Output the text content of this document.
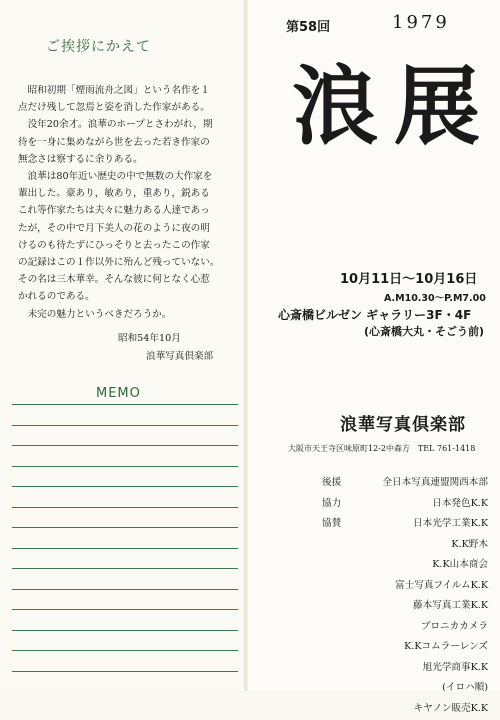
ご挨拶にかえて

昭和初期「煙雨流舟之図」という名作を１

点だけ残して忽焉と姿を消した作家がある。

没年20余才。浪華のホープとさわがれ，期

待を一身に集めながら世を去った若き作家の

無念さは察するに余りある。

浪華は80年近い歴史の中で無数の大作家を

輩出した。豪あり，敏あり，重あり，鋭ある

これ等作家たちは夫々に魅力ある人達であっ

たが，その中で月下美人の花のように夜の明

けるのも待たずにひっそりと去ったこの作家

の記録はこの１作以外に殆んど残っていない。

その名は三木華幸。そんな彼に何となく心惹

かれるのである。

未完の魅力というべきだろうか。

昭和54年10月
浪華写真倶楽部
MEMO
第58回	1979
浪展
10月11日〜10月16日
A.M10.30〜P.M7.00
心斎橋ビルゼン ギャラリー3F・4F
(心斎橋大丸・そごう前)
浪華写真倶楽部
大阪市天王寺区味原町12-2中森方　TEL 761-1418
後援	全日本写真連盟関西本部
協力	日本発色K.K
協賛	日本光学工業K.K
K.K野木
K.K山本商会
富士写真フイルムK.K
藤本写真工業K.K
ブロニカカメラ
K.Kコムラーレンズ
旭光学商事K.K
(イロハ順)
キヤノン販売K.K
